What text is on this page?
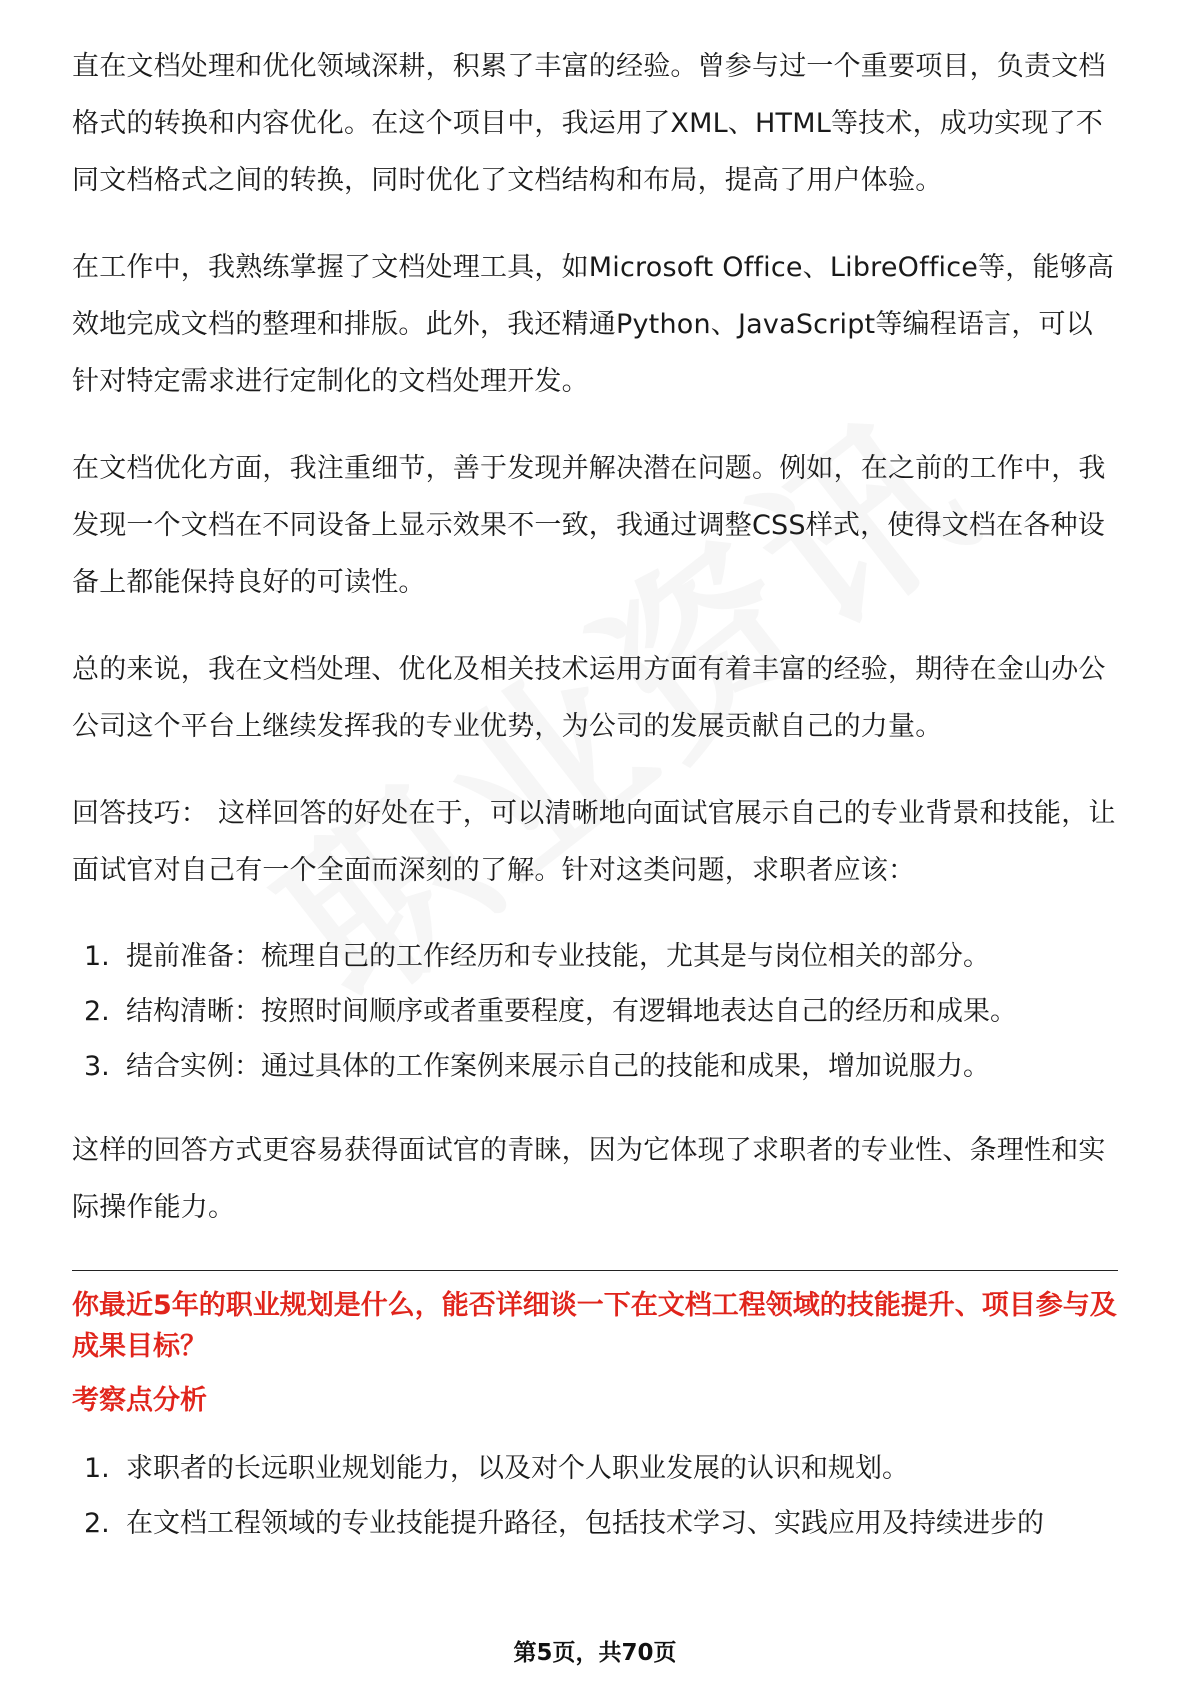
直在文档处理和优化领域深耕，积累了丰富的经验。曾参与过一个重要项目，负责文档格式的转换和内容优化。在这个项目中，我运用了XML、HTML等技术，成功实现了不同文档格式之间的转换，同时优化了文档结构和布局，提高了用户体验。

在工作中，我熟练掌握了文档处理工具，如Microsoft Office、LibreOffice等，能够高效地完成文档的整理和排版。此外，我还精通Python、JavaScript等编程语言，可以针对特定需求进行定制化的文档处理开发。

在文档优化方面，我注重细节，善于发现并解决潜在问题。例如，在之前的工作中，我发现一个文档在不同设备上显示效果不一致，我通过调整CSS样式，使得文档在各种设备上都能保持良好的可读性。

总的来说，我在文档处理、优化及相关技术运用方面有着丰富的经验，期待在金山办公公司这个平台上继续发挥我的专业优势，为公司的发展贡献自己的力量。

回答技巧： 这样回答的好处在于，可以清晰地向面试官展示自己的专业背景和技能，让面试官对自己有一个全面而深刻的了解。针对这类问题，求职者应该：

1. 提前准备：梳理自己的工作经历和专业技能，尤其是与岗位相关的部分。
2. 结构清晰：按照时间顺序或者重要程度，有逻辑地表达自己的经历和成果。
3. 结合实例：通过具体的工作案例来展示自己的技能和成果，增加说服力。

这样的回答方式更容易获得面试官的青睐，因为它体现了求职者的专业性、条理性和实际操作能力。

你最近5年的职业规划是什么，能否详细谈一下在文档工程领域的技能提升、项目参与及成果目标？

考察点分析

1. 求职者的长远职业规划能力，以及对个人职业发展的认识和规划。
2. 在文档工程领域的专业技能提升路径，包括技术学习、实践应用及持续进步的
第5页，共70页
